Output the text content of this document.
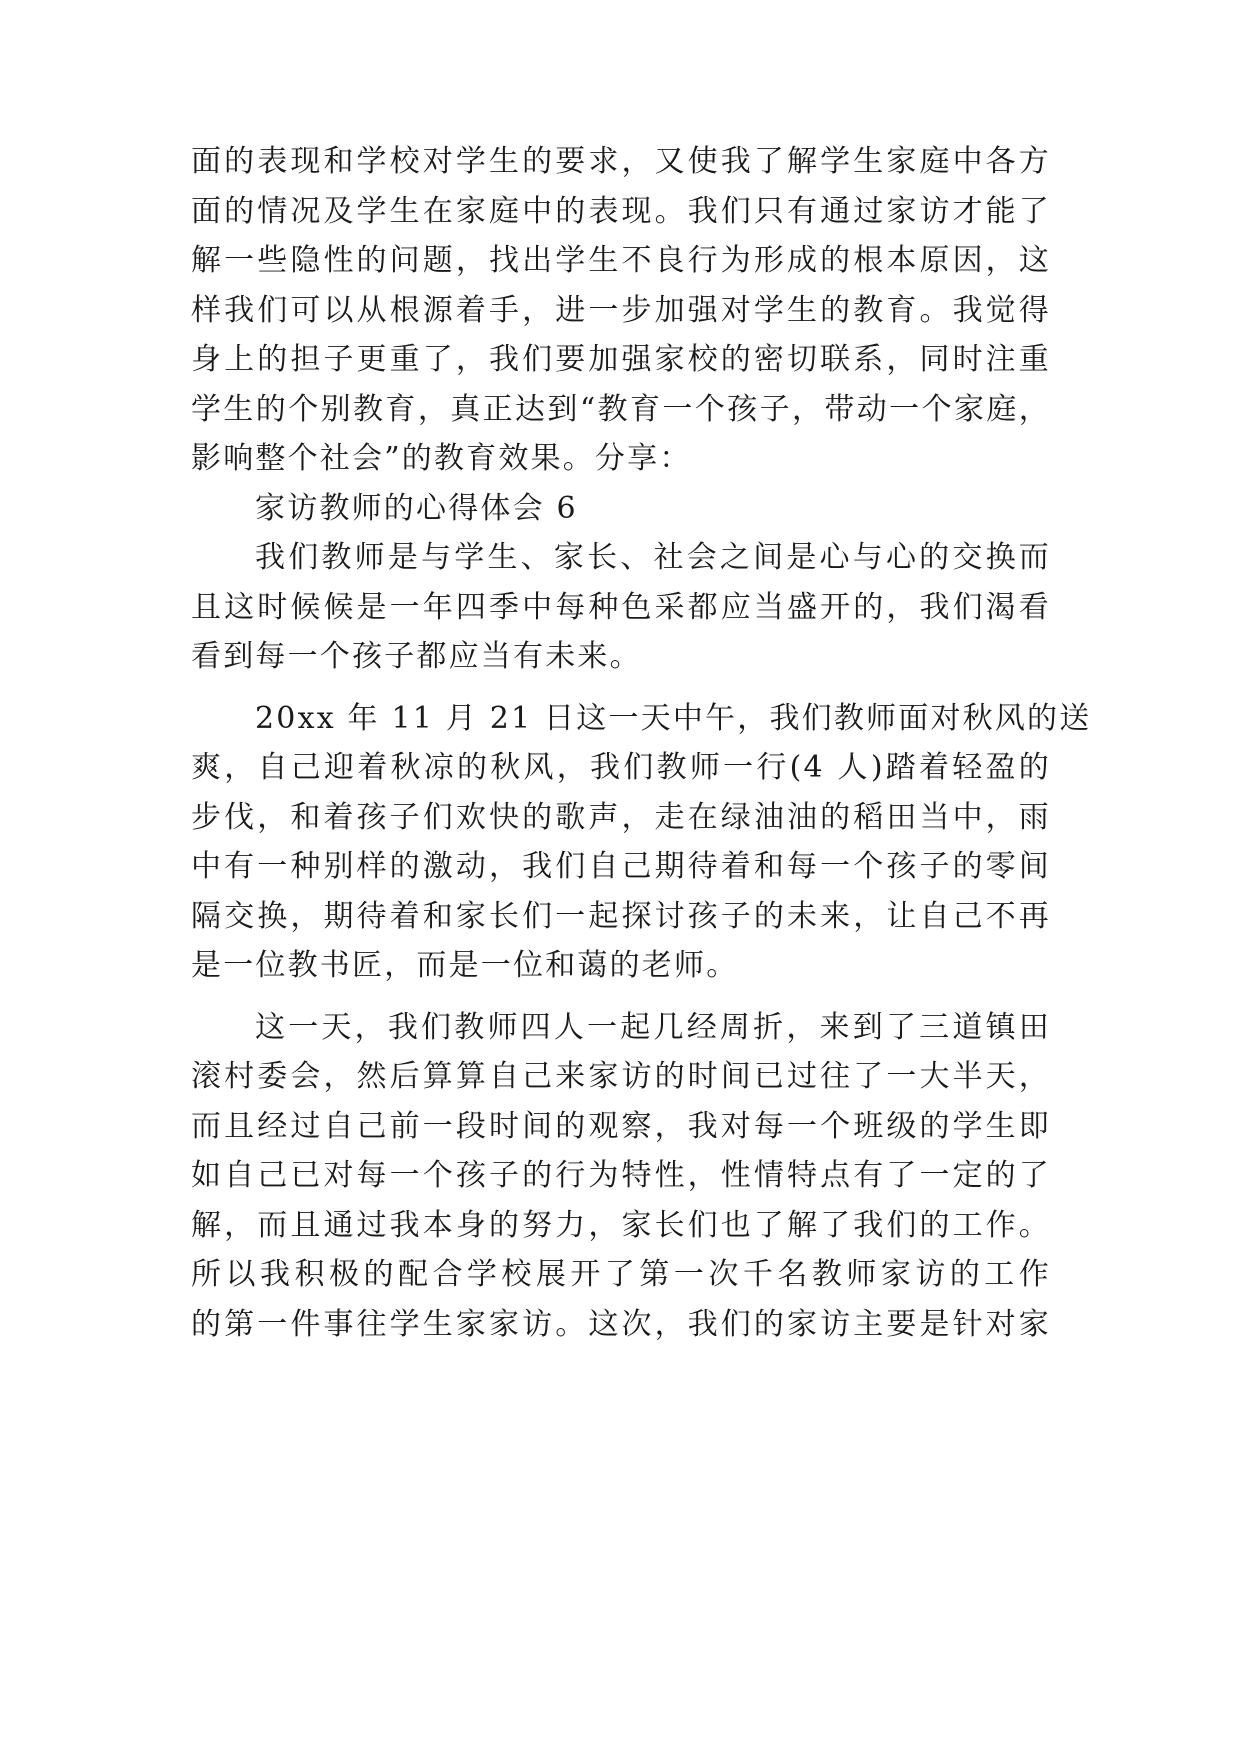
面的表现和学校对学生的要求，又使我了解学生家庭中各方
面的情况及学生在家庭中的表现。我们只有通过家访才能了
解一些隐性的问题，找出学生不良行为形成的根本原因，这
样我们可以从根源着手，进一步加强对学生的教育。我觉得
身上的担子更重了，我们要加强家校的密切联系，同时注重
学生的个别教育，真正达到“教育一个孩子，带动一个家庭，
影响整个社会”的教育效果。分享：
家访教师的心得体会 6
我们教师是与学生、家长、社会之间是心与心的交换而
且这时候候是一年四季中每种色采都应当盛开的，我们渴看
看到每一个孩子都应当有未来。
20xx 年 11 月 21 日这一天中午，我们教师面对秋风的送
爽，自己迎着秋凉的秋风，我们教师一行(4 人)踏着轻盈的
步伐，和着孩子们欢快的歌声，走在绿油油的稻田当中，雨
中有一种别样的激动，我们自己期待着和每一个孩子的零间
隔交换，期待着和家长们一起探讨孩子的未来，让自己不再
是一位教书匠，而是一位和蔼的老师。
这一天，我们教师四人一起几经周折，来到了三道镇田
滚村委会，然后算算自己来家访的时间已过往了一大半天，
而且经过自己前一段时间的观察，我对每一个班级的学生即
如自己已对每一个孩子的行为特性，性情特点有了一定的了
解，而且通过我本身的努力，家长们也了解了我们的工作。
所以我积极的配合学校展开了第一次千名教师家访的工作
的第一件事往学生家家访。这次，我们的家访主要是针对家
